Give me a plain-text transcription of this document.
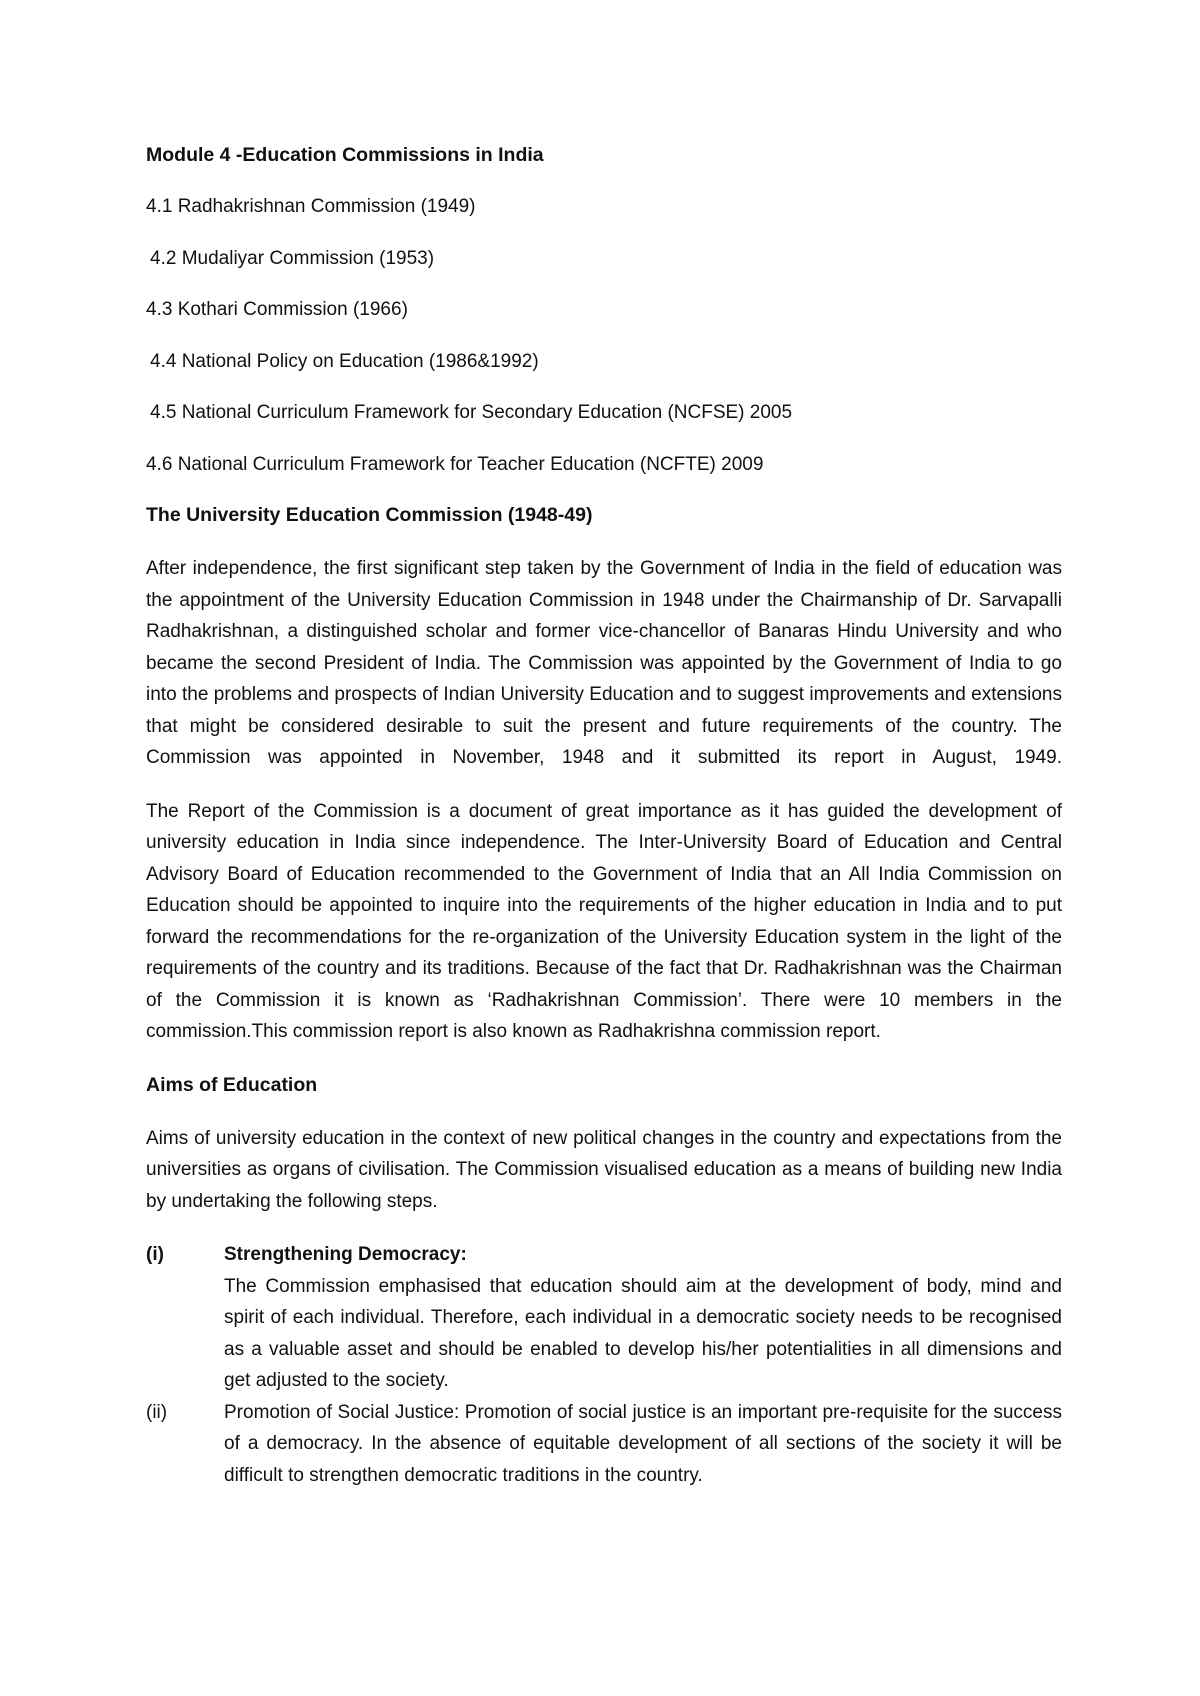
Module 4 -Education Commissions in India
4.1 Radhakrishnan Commission (1949)
4.2 Mudaliyar Commission (1953)
4.3 Kothari Commission (1966)
4.4 National Policy on Education (1986&1992)
4.5 National Curriculum Framework for Secondary Education (NCFSE) 2005
4.6 National Curriculum Framework for Teacher Education (NCFTE) 2009
The University Education Commission (1948-49)

After independence, the first significant step taken by the Government of India in the field of education was the appointment of the University Education Commission in 1948 under the Chairmanship of Dr. Sarvapalli Radhakrishnan, a distinguished scholar and former vice-chancellor of Banaras Hindu University and who became the second President of India. The Commission was appointed by the Government of India to go into the problems and prospects of Indian University Education and to suggest improvements and extensions that might be considered desirable to suit the present and future requirements of the country. The Commission was appointed in November, 1948 and it submitted its report in August, 1949.

The Report of the Commission is a document of great importance as it has guided the development of university education in India since independence. The Inter-University Board of Education and Central Advisory Board of Education recommended to the Government of India that an All India Commission on Education should be appointed to inquire into the requirements of the higher education in India and to put forward the recommendations for the re-organization of the University Education system in the light of the requirements of the country and its traditions. Because of the fact that Dr. Radhakrishnan was the Chairman of the Commission it is known as ‘Radhakrishnan Commission’. There were 10 members in the commission.This commission report is also known as Radhakrishna commission report.

Aims of Education

Aims of university education in the context of new political changes in the country and expectations from the universities as organs of civilisation. The Commission visualised education as a means of building new India by undertaking the following steps.

(i)	Strengthening Democracy:
The Commission emphasised that education should aim at the development of body, mind and spirit of each individual. Therefore, each individual in a democratic society needs to be recognised as a valuable asset and should be enabled to develop his/her potentialities in all dimensions and get adjusted to the society.
(ii)	Promotion of Social Justice: Promotion of social justice is an important pre-requisite for the success of a democracy. In the absence of equitable development of all sections of the society it will be difficult to strengthen democratic traditions in the country.
